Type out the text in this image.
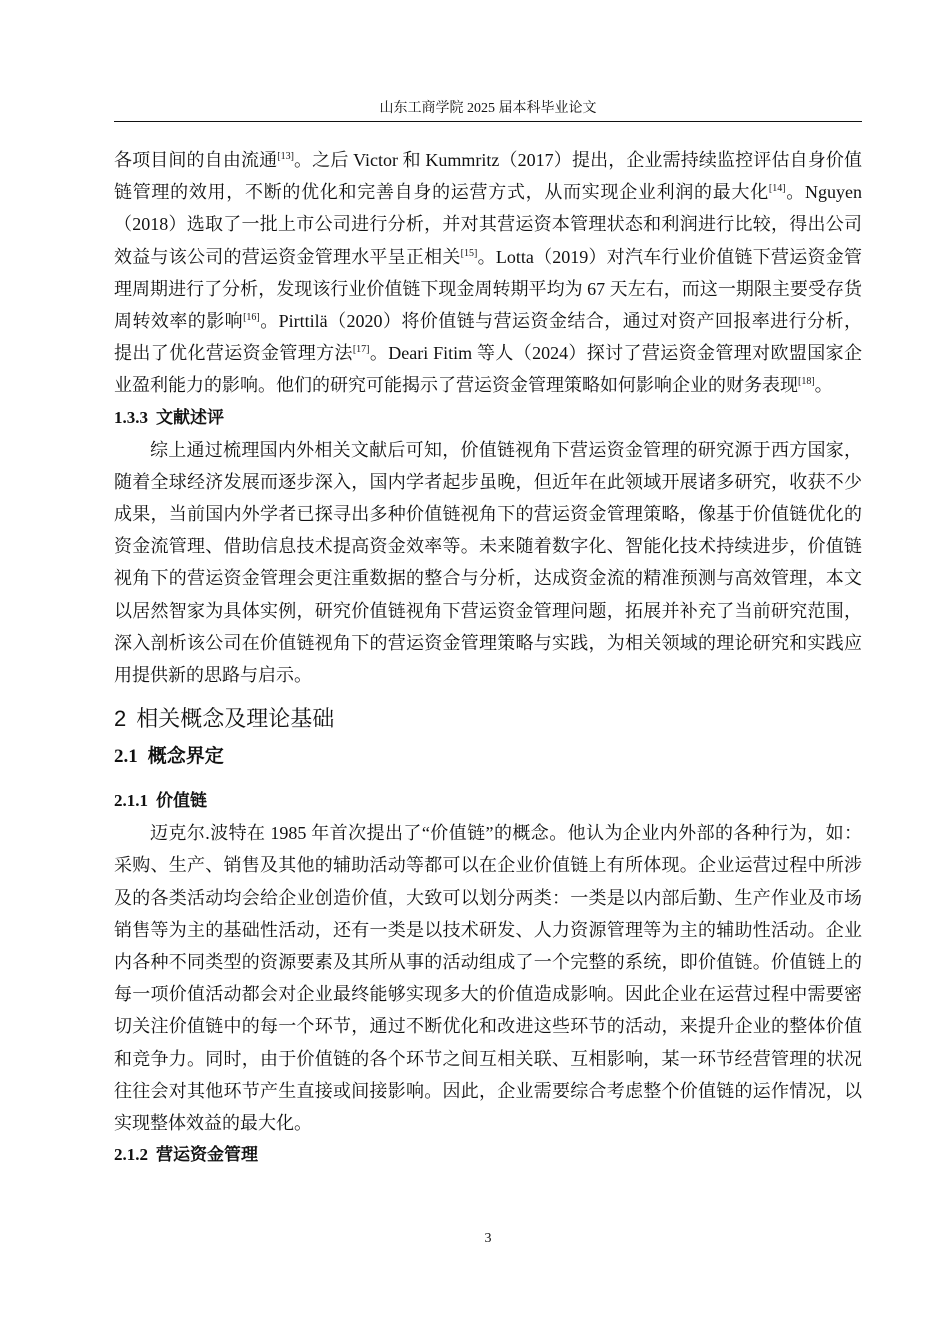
山东工商学院 2025 届本科毕业论文

各项目间的自由流通[13]。之后 Victor 和 Kummritz（2017）提出，企业需持续监控评估自身价值链管理的效用，不断的优化和完善自身的运营方式，从而实现企业利润的最大化[14]。Nguyen（2018）选取了一批上市公司进行分析，并对其营运资本管理状态和利润进行比较，得出公司效益与该公司的营运资金管理水平呈正相关[15]。Lotta（2019）对汽车行业价值链下营运资金管理周期进行了分析，发现该行业价值链下现金周转期平均为 67 天左右，而这一期限主要受存货周转效率的影响[16]。Pirttilä（2020）将价值链与营运资金结合，通过对资产回报率进行分析，提出了优化营运资金管理方法[17]。Deari Fitim 等人（2024）探讨了营运资金管理对欧盟国家企业盈利能力的影响。他们的研究可能揭示了营运资金管理策略如何影响企业的财务表现[18]。

1.3.3 文献述评

综上通过梳理国内外相关文献后可知，价值链视角下营运资金管理的研究源于西方国家，随着全球经济发展而逐步深入，国内学者起步虽晚，但近年在此领域开展诸多研究，收获不少成果，当前国内外学者已探寻出多种价值链视角下的营运资金管理策略，像基于价值链优化的资金流管理、借助信息技术提高资金效率等。未来随着数字化、智能化技术持续进步，价值链视角下的营运资金管理会更注重数据的整合与分析，达成资金流的精准预测与高效管理，本文以居然智家为具体实例，研究价值链视角下营运资金管理问题，拓展并补充了当前研究范围，深入剖析该公司在价值链视角下的营运资金管理策略与实践，为相关领域的理论研究和实践应用提供新的思路与启示。

2 相关概念及理论基础
2.1 概念界定
2.1.1 价值链

迈克尔.波特在 1985 年首次提出了“价值链”的概念。他认为企业内外部的各种行为，如：采购、生产、销售及其他的辅助活动等都可以在企业价值链上有所体现。企业运营过程中所涉及的各类活动均会给企业创造价值，大致可以划分两类：一类是以内部后勤、生产作业及市场销售等为主的基础性活动，还有一类是以技术研发、人力资源管理等为主的辅助性活动。企业内各种不同类型的资源要素及其所从事的活动组成了一个完整的系统，即价值链。价值链上的每一项价值活动都会对企业最终能够实现多大的价值造成影响。因此企业在运营过程中需要密切关注价值链中的每一个环节，通过不断优化和改进这些环节的活动，来提升企业的整体价值和竞争力。同时，由于价值链的各个环节之间互相关联、互相影响，某一环节经营管理的状况往往会对其他环节产生直接或间接影响。因此，企业需要综合考虑整个价值链的运作情况，以实现整体效益的最大化。

2.1.2 营运资金管理
3
